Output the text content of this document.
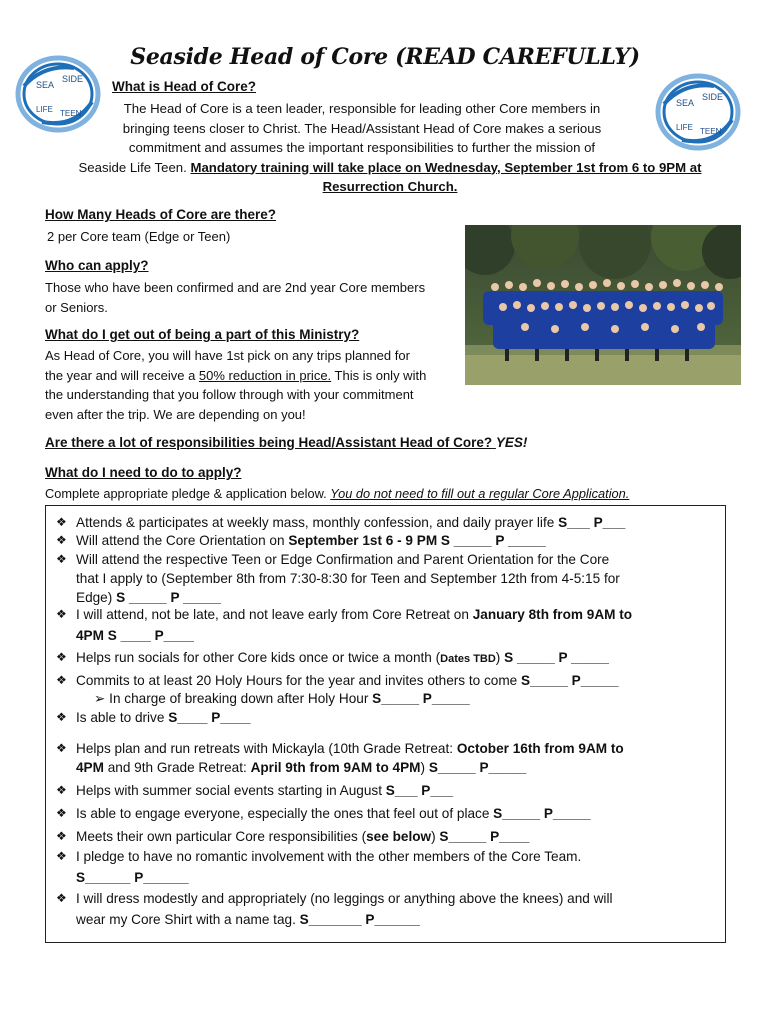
SEA
SIDE
LIFE TEEN
SEA
SIDE
LIFE TEEN
Seaside Head of Core (READ CAREFULLY)
What is Head of Core?
The Head of Core is a teen leader, responsible for leading other Core members in
bringing teens closer to Christ. The Head/Assistant Head of Core makes a serious
commitment and assumes the important responsibilities to further the mission of
Seaside Life Teen. Mandatory training will take place on Wednesday, September 1st from 6 to 9PM at
Resurrection Church.
How Many Heads of Core are there?
2 per Core team (Edge or Teen)
Who can apply?
Those who have been confirmed and are 2nd year Core members
or Seniors.
What do I get out of being a part of this Ministry?
As Head of Core, you will have 1st pick on any trips planned for
the year and will receive a 50% reduction in price. This is only with
the understanding that you follow through with your commitment
even after the trip. We are depending on you!
Are there a lot of responsibilities being Head/Assistant Head of Core? YES!
What do I need to do to apply?
Complete appropriate pledge & application below. You do not need to fill out a regular Core Application.
❖ Attends & participates at weekly mass, monthly confession, and daily prayer life S___ P___
❖ Will attend the Core Orientation on September 1st 6 - 9 PM S _____ P _____
❖ Will attend the respective Teen or Edge Confirmation and Parent Orientation for the Core
that I apply to (September 8th from 7:30-8:30 for Teen and September 12th from 4-5:15 for
Edge) S _____ P _____
❖ I will attend, not be late, and not leave early from Core Retreat on January 8th from 9AM to
4PM S ____ P____
❖ Helps run socials for other Core kids once or twice a month (Dates TBD) S _____ P _____
❖ Commits to at least 20 Holy Hours for the year and invites others to come S_____ P_____
➢ In charge of breaking down after Holy Hour S_____ P_____
❖ Is able to drive S____ P____
❖ Helps plan and run retreats with Mickayla (10th Grade Retreat: October 16th from 9AM to
4PM and 9th Grade Retreat: April 9th from 9AM to 4PM) S_____ P_____
❖ Helps with summer social events starting in August S___ P___
❖ Is able to engage everyone, especially the ones that feel out of place S_____ P_____
❖ Meets their own particular Core responsibilities (see below) S_____ P____
❖ I pledge to have no romantic involvement with the other members of the Core Team.
S______ P______
❖ I will dress modestly and appropriately (no leggings or anything above the knees) and will
wear my Core Shirt with a name tag. S_______ P______
